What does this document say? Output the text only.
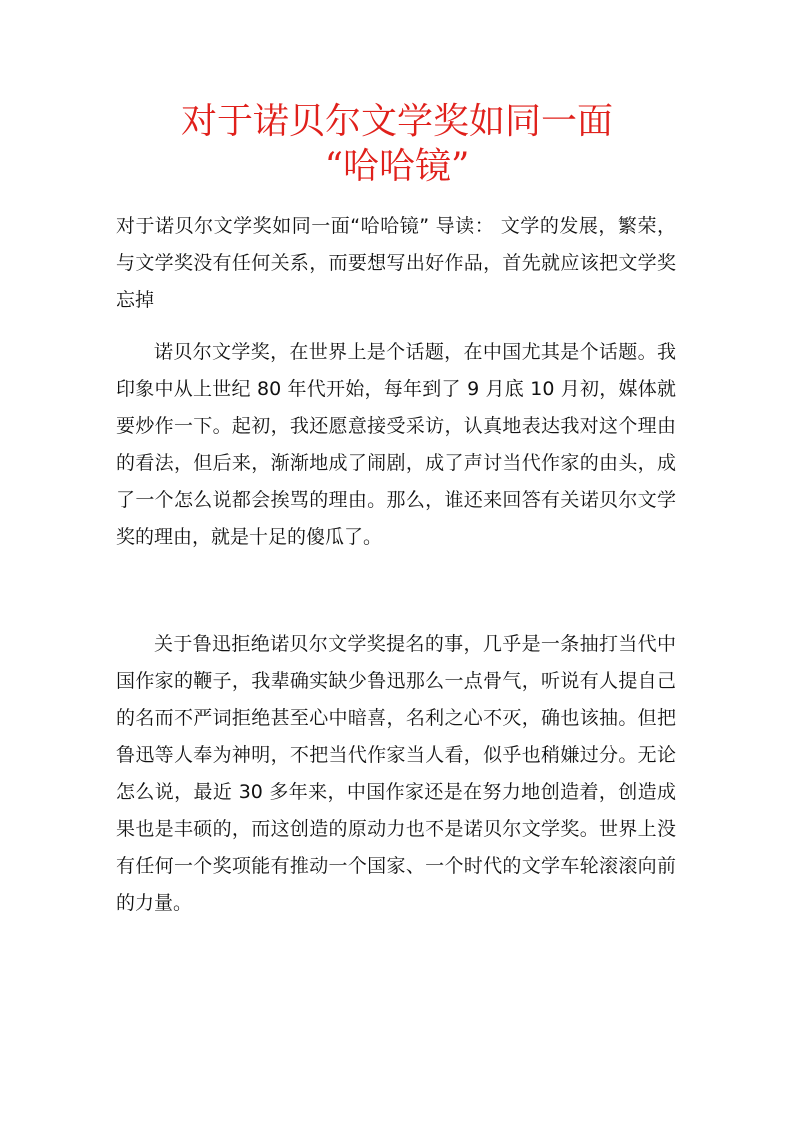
对于诺贝尔文学奖如同一面
“哈哈镜”

对于诺贝尔文学奖如同一面“哈哈镜” 导读： 文学的发展，繁荣，与文学奖没有任何关系，而要想写出好作品，首先就应该把文学奖忘掉

诺贝尔文学奖，在世界上是个话题，在中国尤其是个话题。我印象中从上世纪 80 年代开始，每年到了 9 月底 10 月初，媒体就要炒作一下。起初，我还愿意接受采访，认真地表达我对这个理由的看法，但后来，渐渐地成了闹剧，成了声讨当代作家的由头，成了一个怎么说都会挨骂的理由。那么，谁还来回答有关诺贝尔文学奖的理由，就是十足的傻瓜了。

关于鲁迅拒绝诺贝尔文学奖提名的事，几乎是一条抽打当代中国作家的鞭子，我辈确实缺少鲁迅那么一点骨气，听说有人提自己的名而不严词拒绝甚至心中暗喜，名利之心不灭，确也该抽。但把鲁迅等人奉为神明，不把当代作家当人看，似乎也稍嫌过分。无论怎么说，最近 30 多年来，中国作家还是在努力地创造着，创造成果也是丰硕的，而这创造的原动力也不是诺贝尔文学奖。世界上没有任何一个奖项能有推动一个国家、一个时代的文学车轮滚滚向前的力量。
